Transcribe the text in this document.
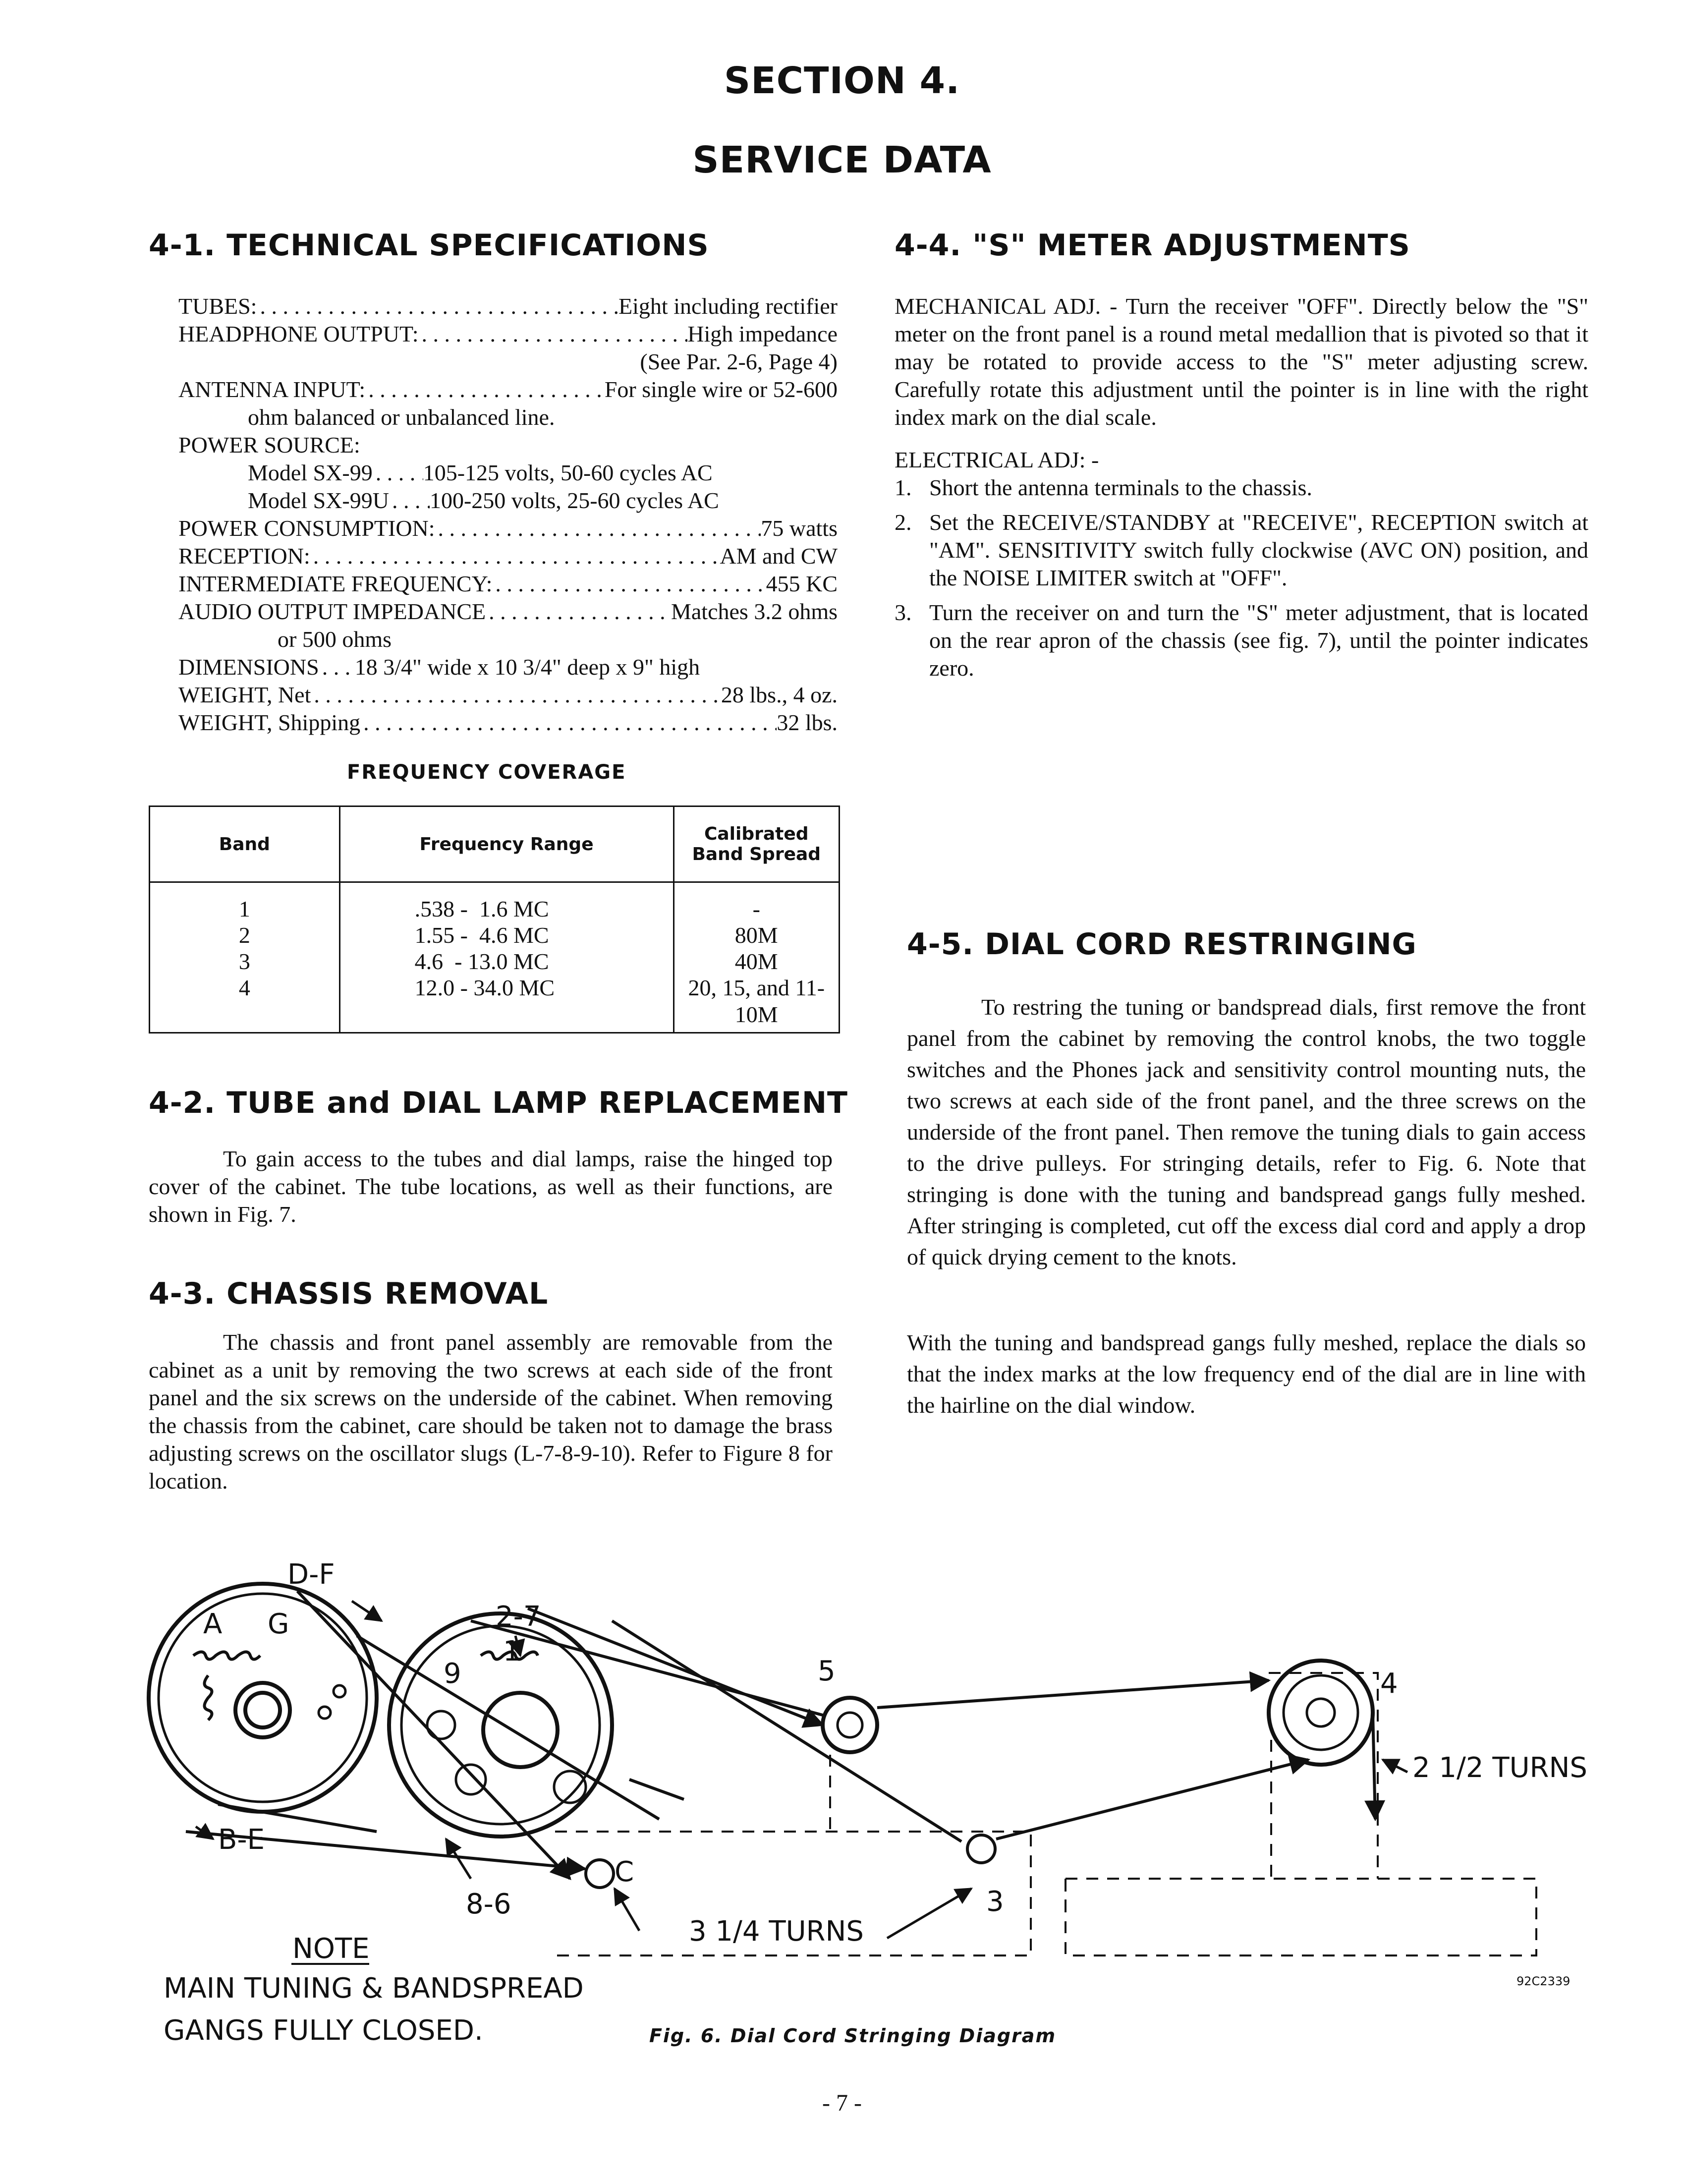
SECTION 4.
SERVICE DATA
4-1. TECHNICAL SPECIFICATIONS
TUBES: . . .	Eight including rectifier
HEADPHONE OUTPUT: . . .	High impedance
(See Par. 2-6, Page 4)
ANTENNA INPUT: . . .	For single wire or 52-600
ohm balanced or unbalanced line.
POWER SOURCE:
Model SX-99 . . . 105-125 volts, 50-60 cycles AC
Model SX-99U . . . 100-250 volts, 25-60 cycles AC
POWER CONSUMPTION: . . .	75 watts
RECEPTION: . . .	AM and CW
INTERMEDIATE FREQUENCY: . . .	455 KC
AUDIO OUTPUT IMPEDANCE . . .	Matches 3.2 ohms
or 500 ohms
DIMENSIONS . . . 18 3/4" wide x 10 3/4" deep x 9" high
WEIGHT, Net . . .	28 lbs., 4 oz.
WEIGHT, Shipping . . .	32 lbs.
FREQUENCY COVERAGE
Band	Frequency Range	Calibrated Band Spread
1	.538 -  1.6 MC	-
2	1.55 -  4.6 MC	80M
3	4.6  - 13.0 MC	40M
4	12.0 - 34.0 MC	20, 15, and 11-10M
4-2. TUBE and DIAL LAMP REPLACEMENT

To gain access to the tubes and dial lamps, raise the hinged top cover of the cabinet. The tube locations, as well as their functions, are shown in Fig. 7.

4-3. CHASSIS REMOVAL

The chassis and front panel assembly are removable from the cabinet as a unit by removing the two screws at each side of the front panel and the six screws on the underside of the cabinet. When removing the chassis from the cabinet, care should be taken not to damage the brass adjusting screws on the oscillator slugs (L-7-8-9-10). Refer to Figure 8 for location.

4-4. "S" METER ADJUSTMENTS

MECHANICAL ADJ. - Turn the receiver "OFF". Directly below the "S" meter on the front panel is a round metal medallion that is pivoted so that it may be rotated to provide access to the "S" meter adjusting screw. Carefully rotate this adjustment until the pointer is in line with the right index mark on the dial scale.

ELECTRICAL ADJ: -

1. Short the antenna terminals to the chassis.
2. Set the RECEIVE/STANDBY at "RECEIVE", RECEPTION switch at "AM". SENSITIVITY switch fully clockwise (AVC ON) position, and the NOISE LIMITER switch at "OFF".
3. Turn the receiver on and turn the "S" meter adjustment, that is located on the rear apron of the chassis (see fig. 7), until the pointer indicates zero.
4-5. DIAL CORD RESTRINGING

To restring the tuning or bandspread dials, first remove the front panel from the cabinet by removing the control knobs, the two toggle switches and the Phones jack and sensitivity control mounting nuts, the two screws at each side of the front panel, and the three screws on the underside of the front panel. Then remove the tuning dials to gain access to the drive pulleys. For stringing details, refer to Fig. 6. Note that stringing is done with the tuning and bandspread gangs fully meshed. After stringing is completed, cut off the excess dial cord and apply a drop of quick drying cement to the knots.

With the tuning and bandspread gangs fully meshed, replace the dials so that the index marks at the low frequency end of the dial are in line with the hairline on the dial window.

D-F
A G	2-7
9
1
5	4
2 1/2 TURNS
B-E
8-6
C
3
3 1/4 TURNS
NOTE
MAIN TUNING & BANDSPREAD
GANGS FULLY CLOSED.
92C2339
Fig. 6. Dial Cord Stringing Diagram
- 7 -
